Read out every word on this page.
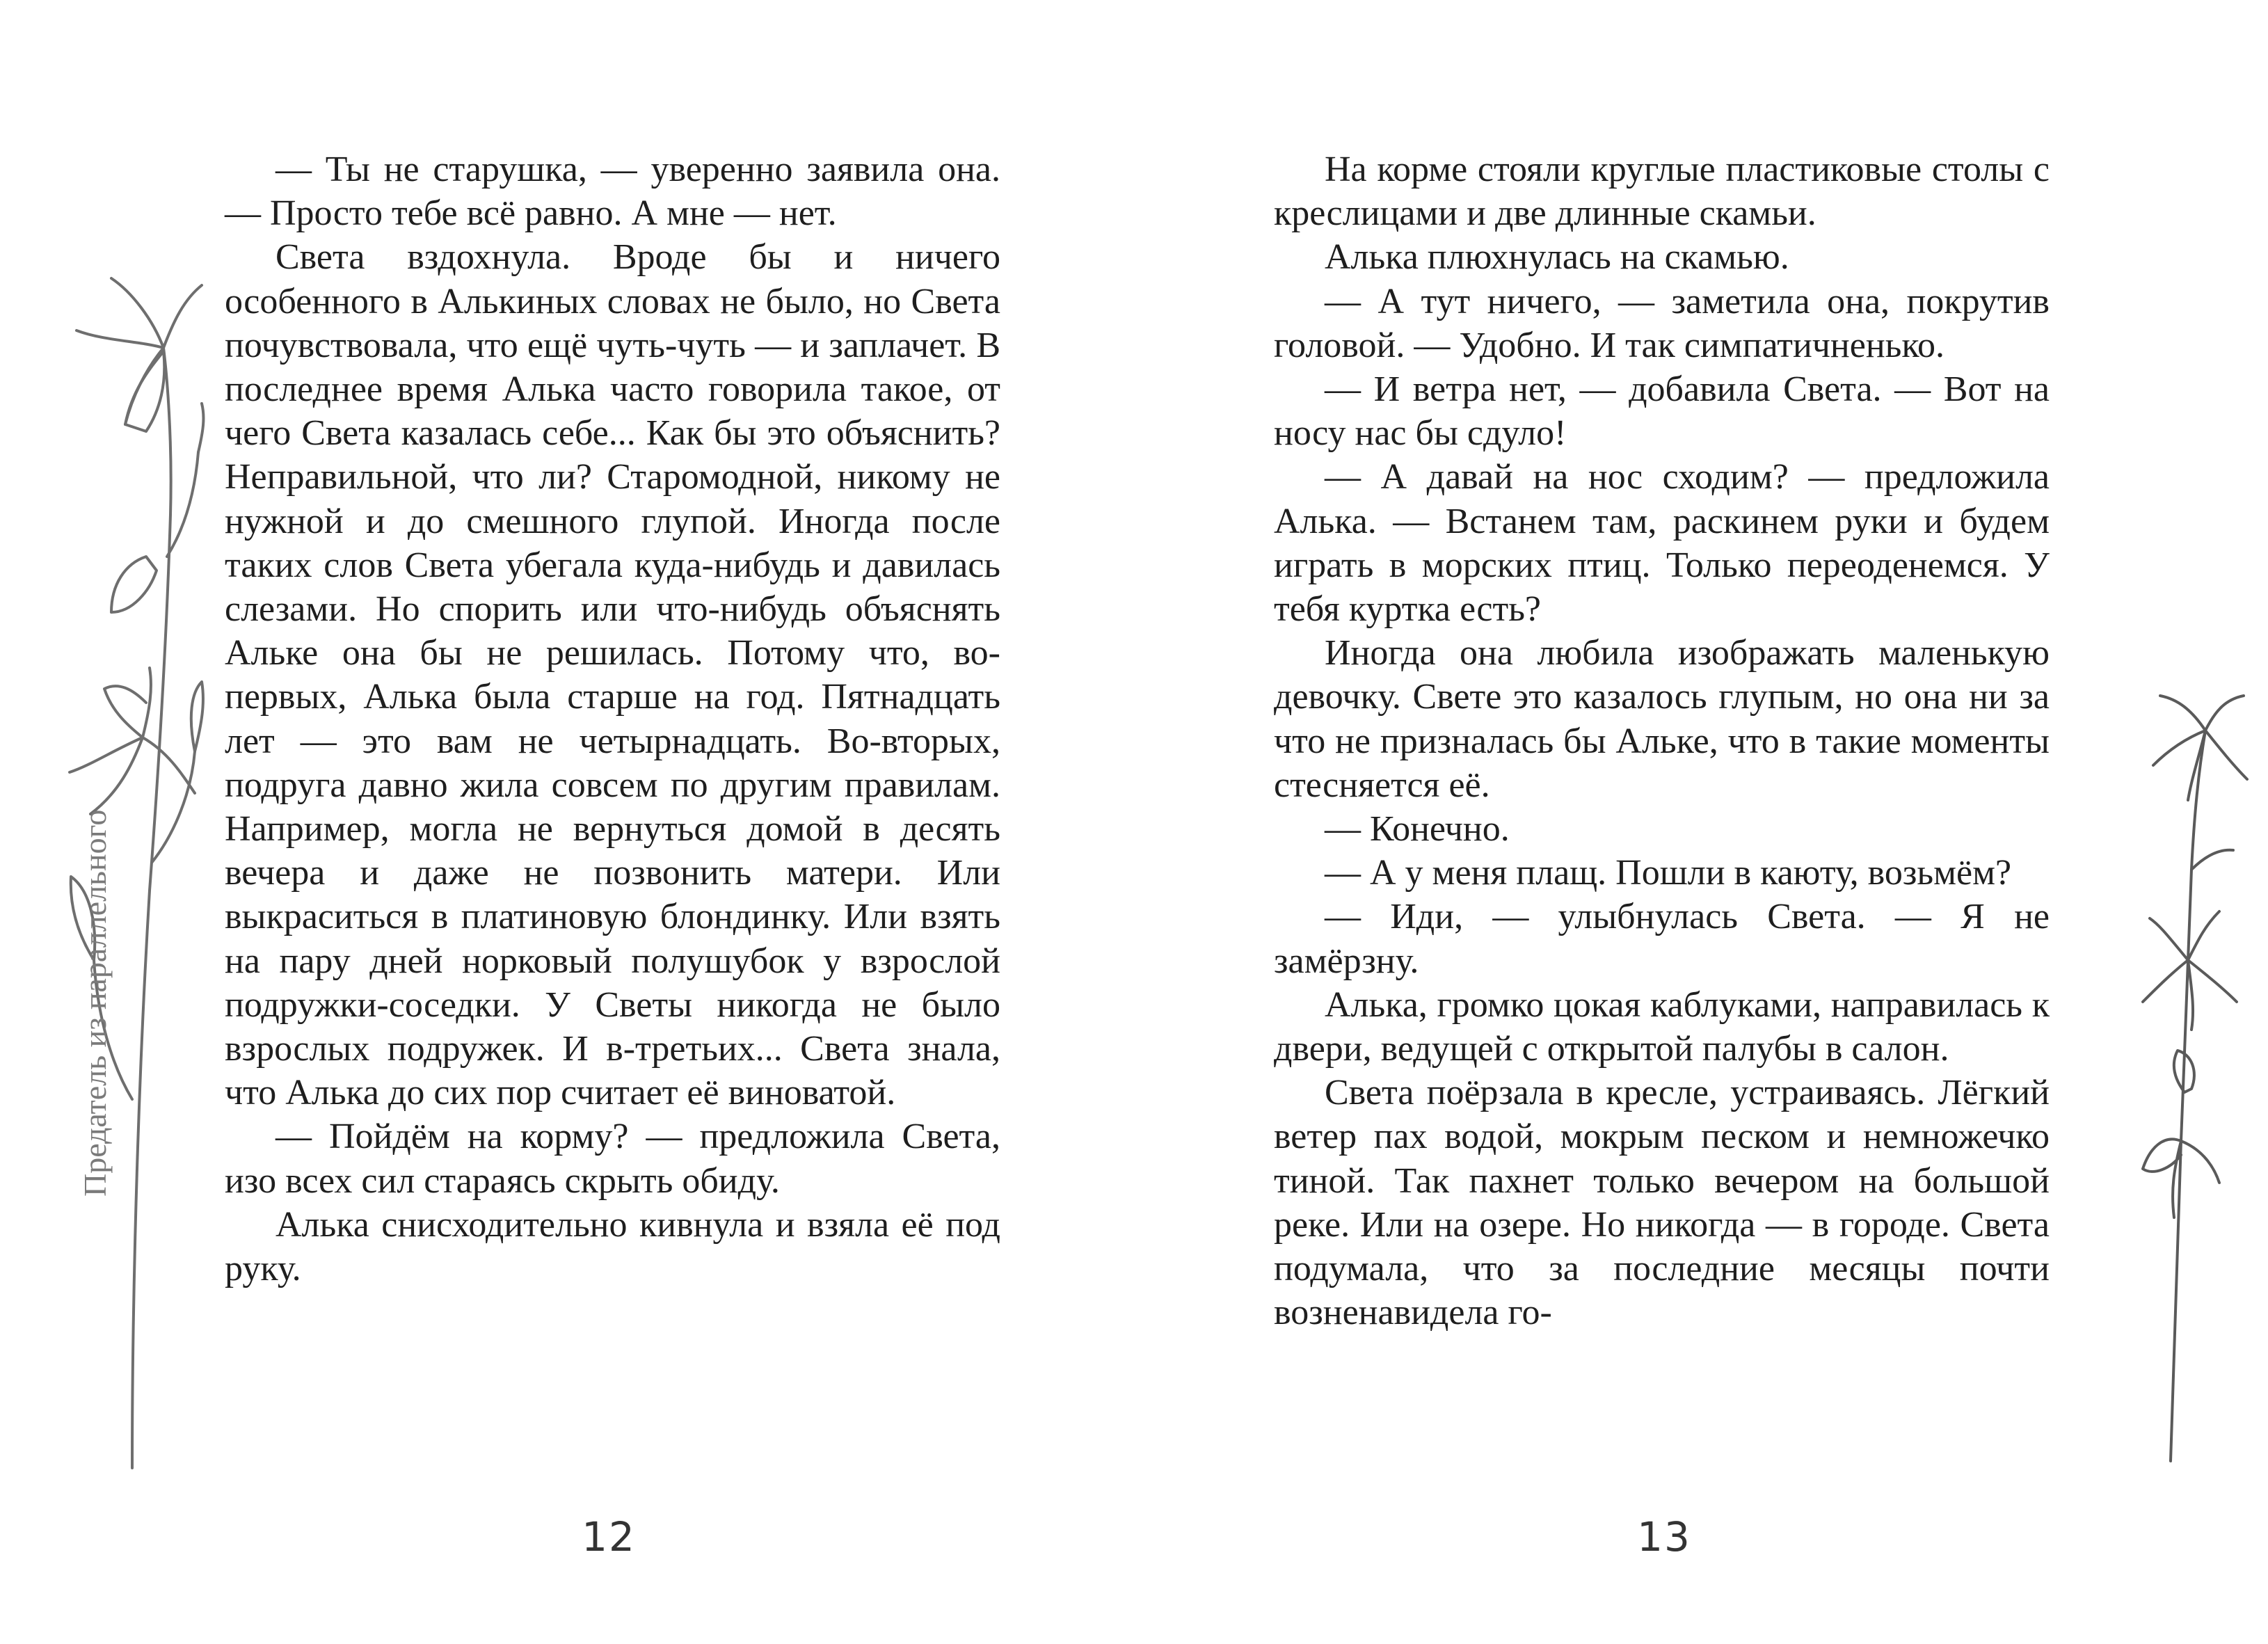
Предатель из параллельного

— Ты не старушка, — уверенно заявила она. — Просто тебе всё равно. А мне — нет.

Света вздохнула. Вроде бы и ничего особенного в Алькиных словах не было, но Света почувствовала, что ещё чуть-чуть — и заплачет. В последнее время Алька часто говорила такое, от чего Света казалась себе... Как бы это объяснить? Неправильной, что ли? Старомодной, никому не нужной и до смешного глупой. Иногда после таких слов Света убегала куда-нибудь и давилась слезами. Но спорить или что-нибудь объяснять Альке она бы не решилась. Потому что, во-первых, Алька была старше на год. Пятнадцать лет — это вам не четырнадцать. Во-вторых, подруга давно жила совсем по другим правилам. Например, могла не вернуться домой в десять вечера и даже не позвонить матери. Или выкраситься в платиновую блондинку. Или взять на пару дней норковый полушубок у взрослой подружки-соседки. У Светы никогда не было взрослых подружек. И в-третьих... Света знала, что Алька до сих пор считает её виноватой.

— Пойдём на корму? — предложила Света, изо всех сил стараясь скрыть обиду.

Алька снисходительно кивнула и взяла её под руку.

12

На корме стояли круглые пластиковые столы с креслицами и две длинные скамьи.

Алька плюхнулась на скамью.

— А тут ничего, — заметила она, покрутив головой. — Удобно. И так симпатичненько.

— И ветра нет, — добавила Света. — Вот на носу нас бы сдуло!

— А давай на нос сходим? — предложила Алька. — Встанем там, раскинем руки и будем играть в морских птиц. Только переоденемся. У тебя куртка есть?

Иногда она любила изображать маленькую девочку. Свете это казалось глупым, но она ни за что не призналась бы Альке, что в такие моменты стесняется её.

— Конечно.

— А у меня плащ. Пошли в каюту, возьмём?

— Иди, — улыбнулась Света. — Я не замёрзну.

Алька, громко цокая каблуками, направилась к двери, ведущей с открытой палубы в салон.

Света поёрзала в кресле, устраиваясь. Лёгкий ветер пах водой, мокрым песком и немножечко тиной. Так пахнет только вечером на большой реке. Или на озере. Но никогда — в городе. Света подумала, что за последние месяцы почти возненавидела го-

13
